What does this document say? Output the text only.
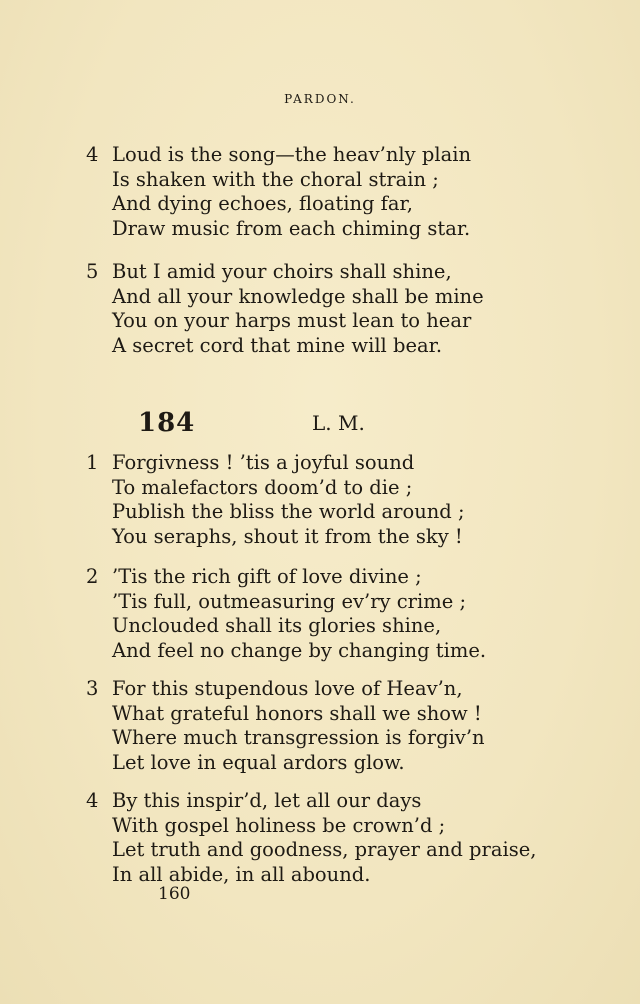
PARDON.
4 Loud is the song—the heav’nly plain
Is shaken with the choral strain ;
And dying echoes, floating far,
Draw music from each chiming star.
5 But I amid your choirs shall shine,
And all your knowledge shall be mine
You on your harps must lean to hear
A secret cord that mine will bear.
184	L. M.
1 Forgivness ! ’tis a joyful sound
To malefactors doom’d to die ;
Publish the bliss the world around ;
You seraphs, shout it from the sky !
2 ’Tis the rich gift of love divine ;
’Tis full, outmeasuring ev’ry crime ;
Unclouded shall its glories shine,
And feel no change by changing time.
3 For this stupendous love of Heav’n,
What grateful honors shall we show !
Where much transgression is forgiv’n
Let love in equal ardors glow.
4 By this inspir’d, let all our days
With gospel holiness be crown’d ;
Let truth and goodness, prayer and praise,
In all abide, in all abound.
160
